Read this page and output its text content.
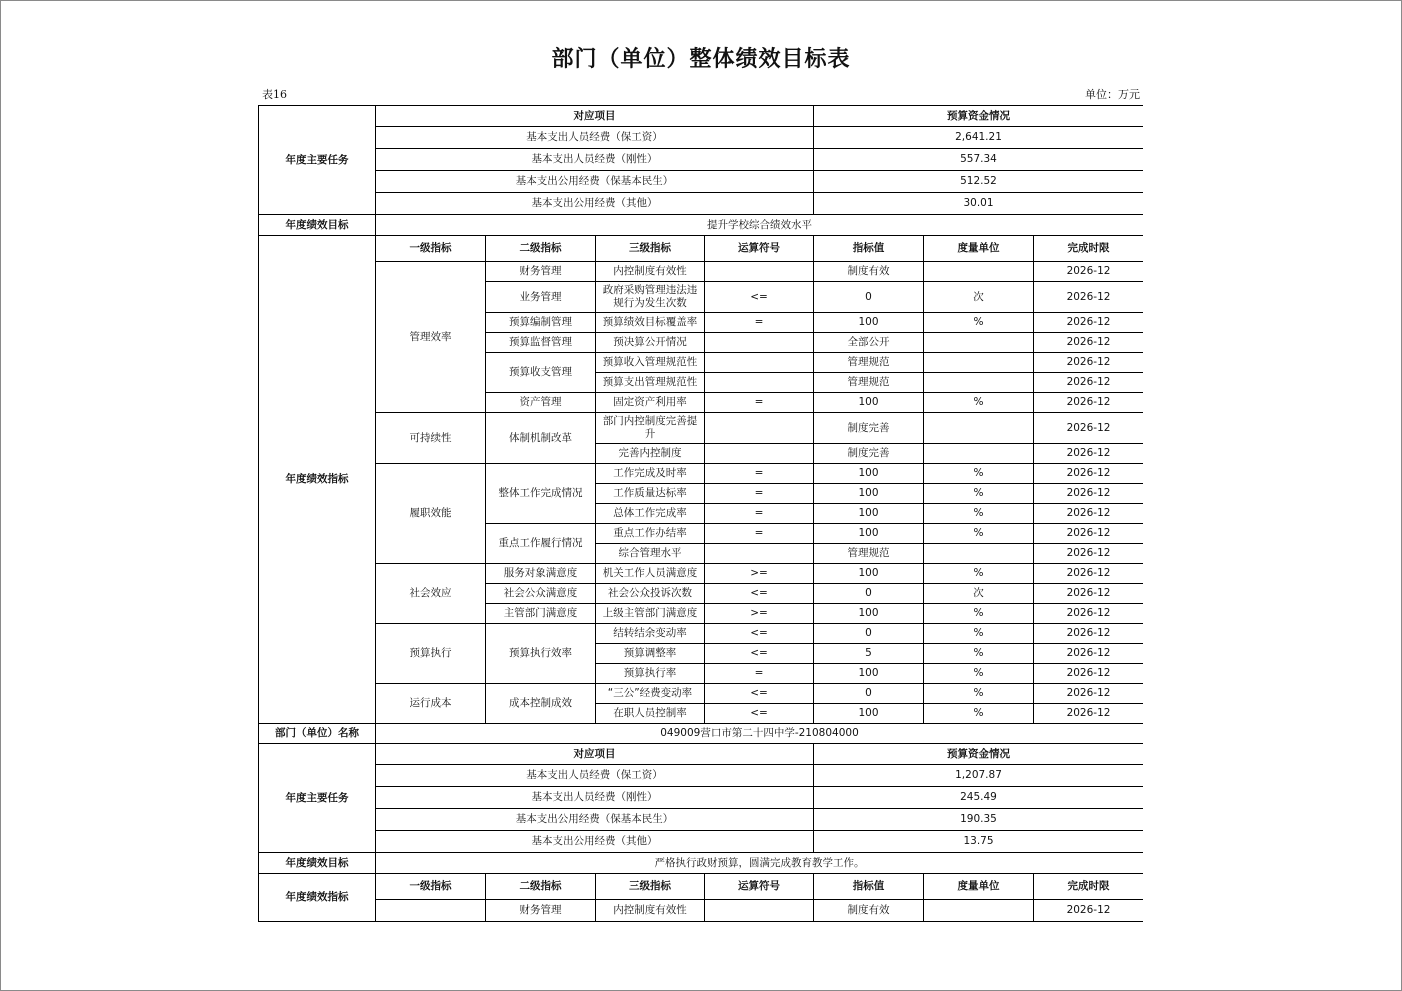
部门（单位）整体绩效目标表
表16	单位：万元
年度主要任务	对应项目				预算资金情况		
	基本支出人员经费（保工资）				2,641.21		
	基本支出人员经费（刚性）				557.34		
	基本支出公用经费（保基本民生）				512.52		
	基本支出公用经费（其他）				30.01		
年度绩效目标	提升学校综合绩效水平						
年度绩效指标	一级指标	二级指标	三级指标	运算符号	指标值	度量单位	完成时限
	管理效率	财务管理	内控制度有效性		制度有效		2026-12
		业务管理	政府采购管理违法违规行为发生次数	<=	0	次	2026-12
		预算编制管理	预算绩效目标覆盖率	=	100	%	2026-12
		预算监督管理	预决算公开情况		全部公开		2026-12
		预算收支管理	预算收入管理规范性		管理规范		2026-12
			预算支出管理规范性		管理规范		2026-12
		资产管理	固定资产利用率	=	100	%	2026-12
	可持续性	体制机制改革	部门内控制度完善提升		制度完善		2026-12
			完善内控制度		制度完善		2026-12
	履职效能	整体工作完成情况	工作完成及时率	=	100	%	2026-12
			工作质量达标率	=	100	%	2026-12
			总体工作完成率	=	100	%	2026-12
		重点工作履行情况	重点工作办结率	=	100	%	2026-12
			综合管理水平		管理规范		2026-12
	社会效应	服务对象满意度	机关工作人员满意度	>=	100	%	2026-12
		社会公众满意度	社会公众投诉次数	<=	0	次	2026-12
		主管部门满意度	上级主管部门满意度	>=	100	%	2026-12
	预算执行	预算执行效率	结转结余变动率	<=	0	%	2026-12
			预算调整率	<=	5	%	2026-12
			预算执行率	=	100	%	2026-12
	运行成本	成本控制成效	“三公”经费变动率	<=	0	%	2026-12
			在职人员控制率	<=	100	%	2026-12
部门（单位）名称	049009营口市第二十四中学-210804000						
年度主要任务	对应项目				预算资金情况		
	基本支出人员经费（保工资）				1,207.87		
	基本支出人员经费（刚性）				245.49		
	基本支出公用经费（保基本民生）				190.35		
	基本支出公用经费（其他）				13.75		
年度绩效目标	严格执行政财预算，圆满完成教育教学工作。						
年度绩效指标	一级指标	二级指标	三级指标	运算符号	指标值	度量单位	完成时限
		财务管理	内控制度有效性		制度有效		2026-12
